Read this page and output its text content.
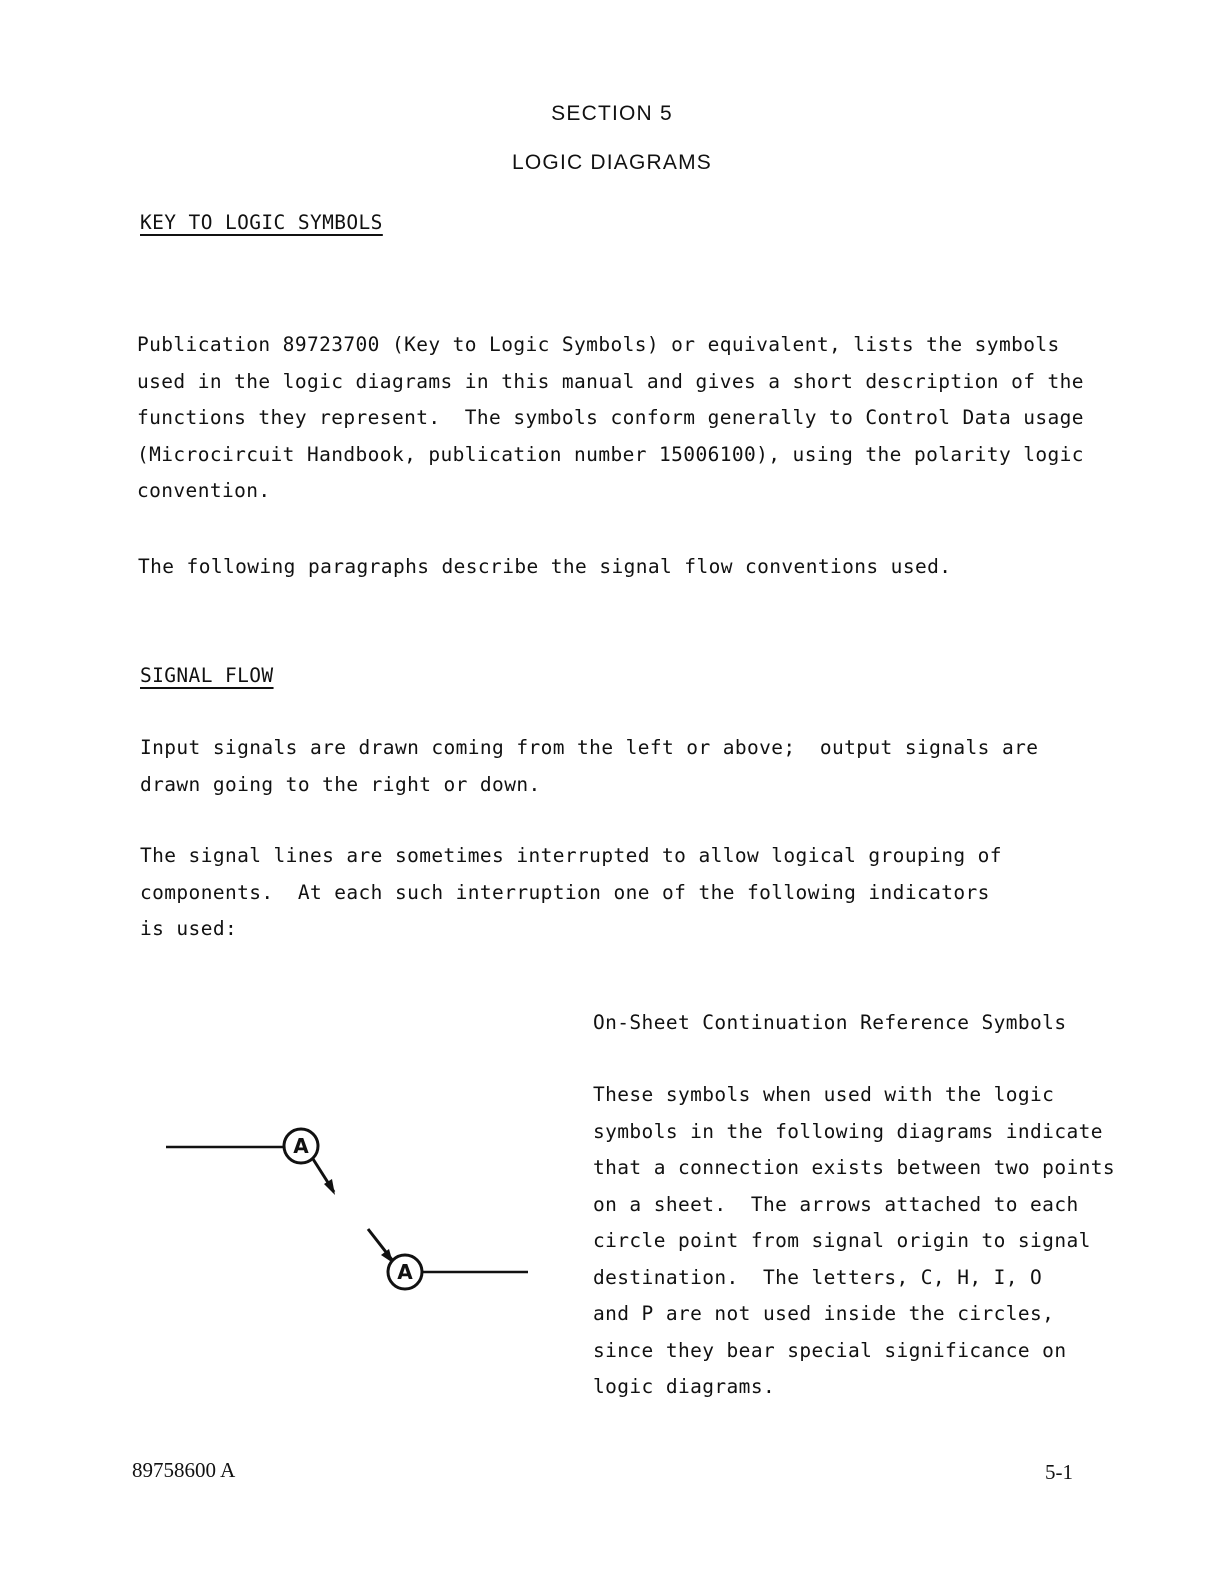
SECTION 5
LOGIC DIAGRAMS
KEY TO LOGIC SYMBOLS
Publication 89723700 (Key to Logic Symbols) or equivalent, lists the symbols
used in the logic diagrams in this manual and gives a short description of the
functions they represent.  The symbols conform generally to Control Data usage
(Microcircuit Handbook, publication number 15006100), using the polarity logic
convention.
The following paragraphs describe the signal flow conventions used.
SIGNAL FLOW
Input signals are drawn coming from the left or above;  output signals are
drawn going to the right or down.
The signal lines are sometimes interrupted to allow logical grouping of
components.  At each such interruption one of the following indicators
is used:
On-Sheet Continuation Reference Symbols
These symbols when used with the logic
symbols in the following diagrams indicate
that a connection exists between two points
on a sheet.  The arrows attached to each
circle point from signal origin to signal
destination.  The letters, C, H, I, O
and P are not used inside the circles,
since they bear special significance on
logic diagrams.
A
A
89758600 A	5-1
